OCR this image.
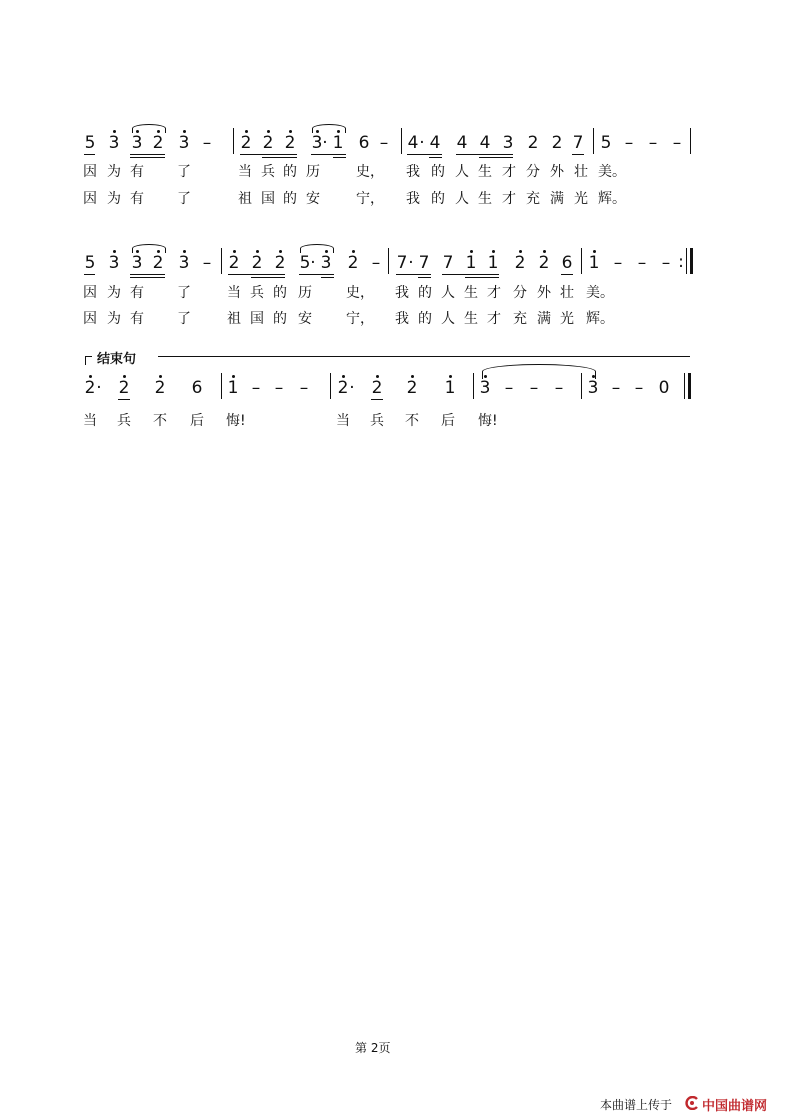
5 3 3 2 3 – 2 2 2 3 · 1 6 – 4 · 4 4 4 3 2 2 7 5 – – –
因 为 有 了	当 兵 的 历	史， 我 的 人 生 才 分 外 壮 美。
因 为 有 了	祖 国 的 安	宁， 我 的 人 生 才 充 满 光 辉。
5 3 3 2 3 – 2 2 2 5 · 3 2 – 7 · 7 7 1 1 2 2 6 1 – – – :
因 为 有 了	当 兵 的 历 史， 我 的 人 生 才 分 外 壮 美。
因 为 有 了	祖 国 的 安 宁， 我 的 人 生 才 充 满 光 辉。
结束句
2 · 2 2 6 1 – – – 2 · 2 2 1 3 – – – 3 – – 0
当 兵 不 后 悔!	当 兵 不 后 悔!
第 2页
本曲谱上传于 中国曲谱网
